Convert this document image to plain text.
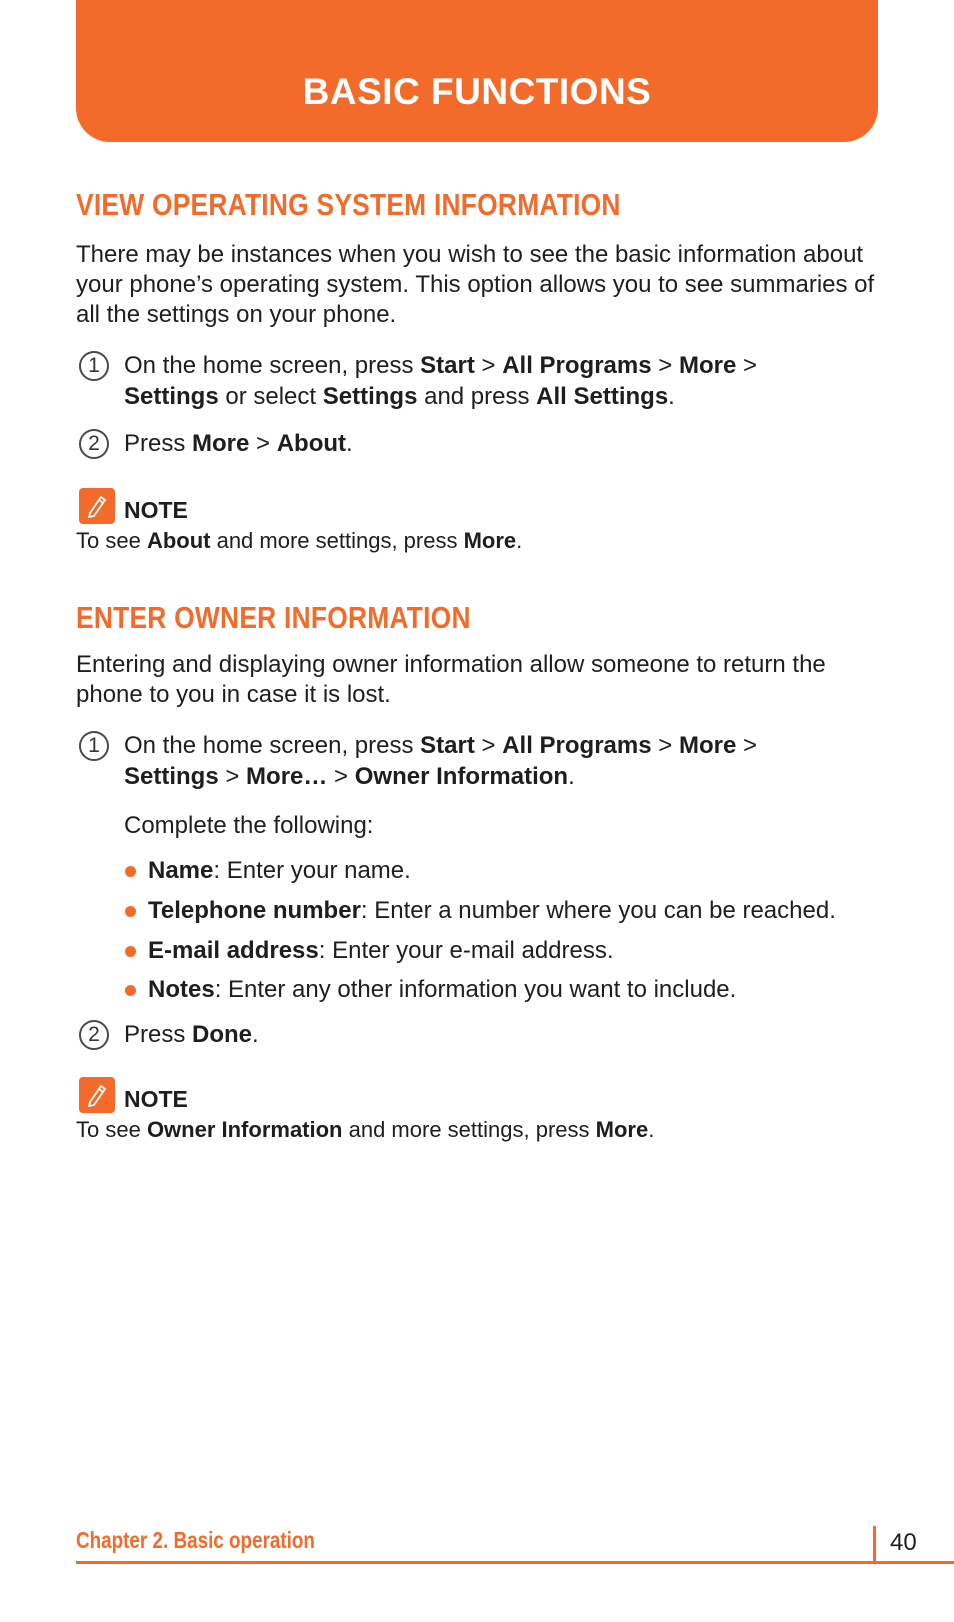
BASIC FUNCTIONS
VIEW OPERATING SYSTEM INFORMATION
There may be instances when you wish to see the basic information about your phone’s operating system. This option allows you to see summaries of all the settings on your phone.
1	On the home screen, press Start > All Programs > More >
Settings or select Settings and press All Settings.
2	Press More > About.
NOTE
To see About and more settings, press More.
ENTER OWNER INFORMATION
Entering and displaying owner information allow someone to return the phone to you in case it is lost.
1	On the home screen, press Start > All Programs > More >
Settings > More… > Owner Information.
Complete the following:
Name: Enter your name.
Telephone number: Enter a number where you can be reached.
E-mail address: Enter your e-mail address.
Notes: Enter any other information you want to include.
2	Press Done.
NOTE
To see Owner Information and more settings, press More.
Chapter 2. Basic operation	40
